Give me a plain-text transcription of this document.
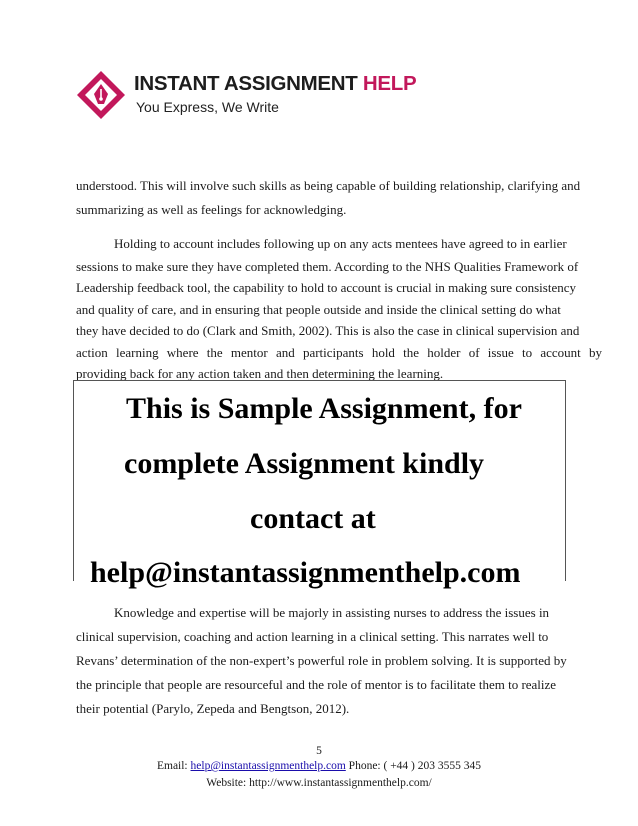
INSTANT ASSIGNMENT HELP
You Express, We Write
understood. This will involve such skills as being capable of building relationship, clarifying and
summarizing as well as feelings for acknowledging.
Holding to account includes following up on any acts mentees have agreed to in earlier
sessions to make sure they have completed them. According to the NHS Qualities Framework of
Leadership feedback tool, the capability to hold to account is crucial in making sure consistency
and quality of care, and in ensuring that people outside and inside the clinical setting do what
they have decided to do (Clark and Smith, 2002). This is also the case in clinical supervision and
action learning where the mentor and participants hold the holder of issue to account by
providing back for any action taken and then determining the learning.
This is Sample Assignment, for
complete Assignment kindly
contact at
help@instantassignmenthelp.com
Knowledge and expertise will be majorly in assisting nurses to address the issues in
clinical supervision, coaching and action learning in a clinical setting. This narrates well to
Revans’ determination of the non-expert’s powerful role in problem solving. It is supported by
the principle that people are resourceful and the role of mentor is to facilitate them to realize
their potential (Parylo, Zepeda and Bengtson, 2012).
5
Email: help@instantassignmenthelp.com Phone: ( +44 ) 203 3555 345
Website: http://www.instantassignmenthelp.com/
